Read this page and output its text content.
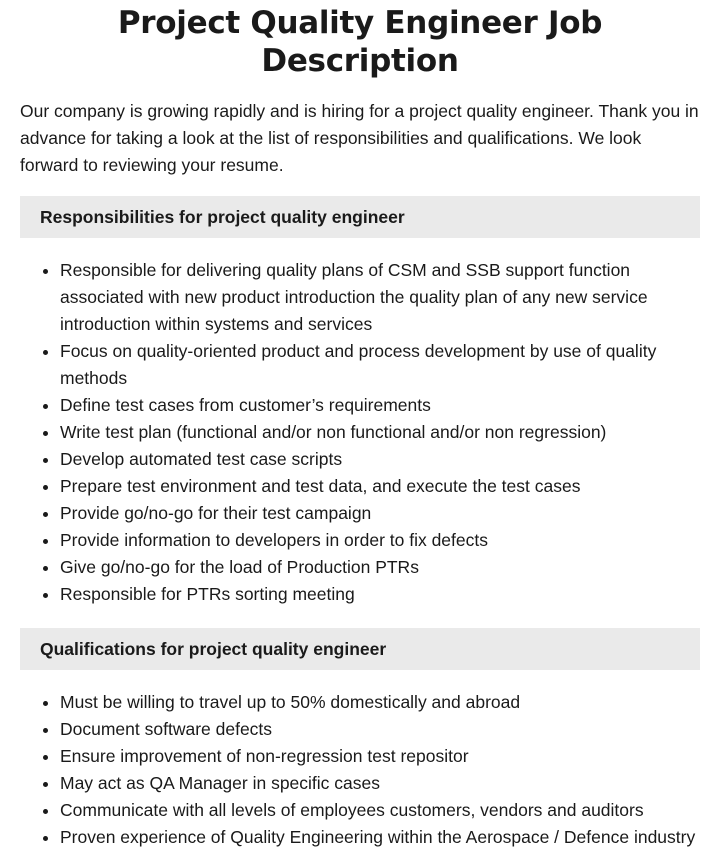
Project Quality Engineer Job Description

Our company is growing rapidly and is hiring for a project quality engineer. Thank you in advance for taking a look at the list of responsibilities and qualifications. We look forward to reviewing your resume.

Responsibilities for project quality engineer
• Responsible for delivering quality plans of CSM and SSB support function associated with new product introduction the quality plan of any new service introduction within systems and services
• Focus on quality-oriented product and process development by use of quality methods
• Define test cases from customer’s requirements
• Write test plan (functional and/or non functional and/or non regression)
• Develop automated test case scripts
• Prepare test environment and test data, and execute the test cases
• Provide go/no-go for their test campaign
• Provide information to developers in order to fix defects
• Give go/no-go for the load of Production PTRs
• Responsible for PTRs sorting meeting
Qualifications for project quality engineer
• Must be willing to travel up to 50% domestically and abroad
• Document software defects
• Ensure improvement of non-regression test repositor
• May act as QA Manager in specific cases
• Communicate with all levels of employees customers, vendors and auditors
• Proven experience of Quality Engineering within the Aerospace / Defence industry
